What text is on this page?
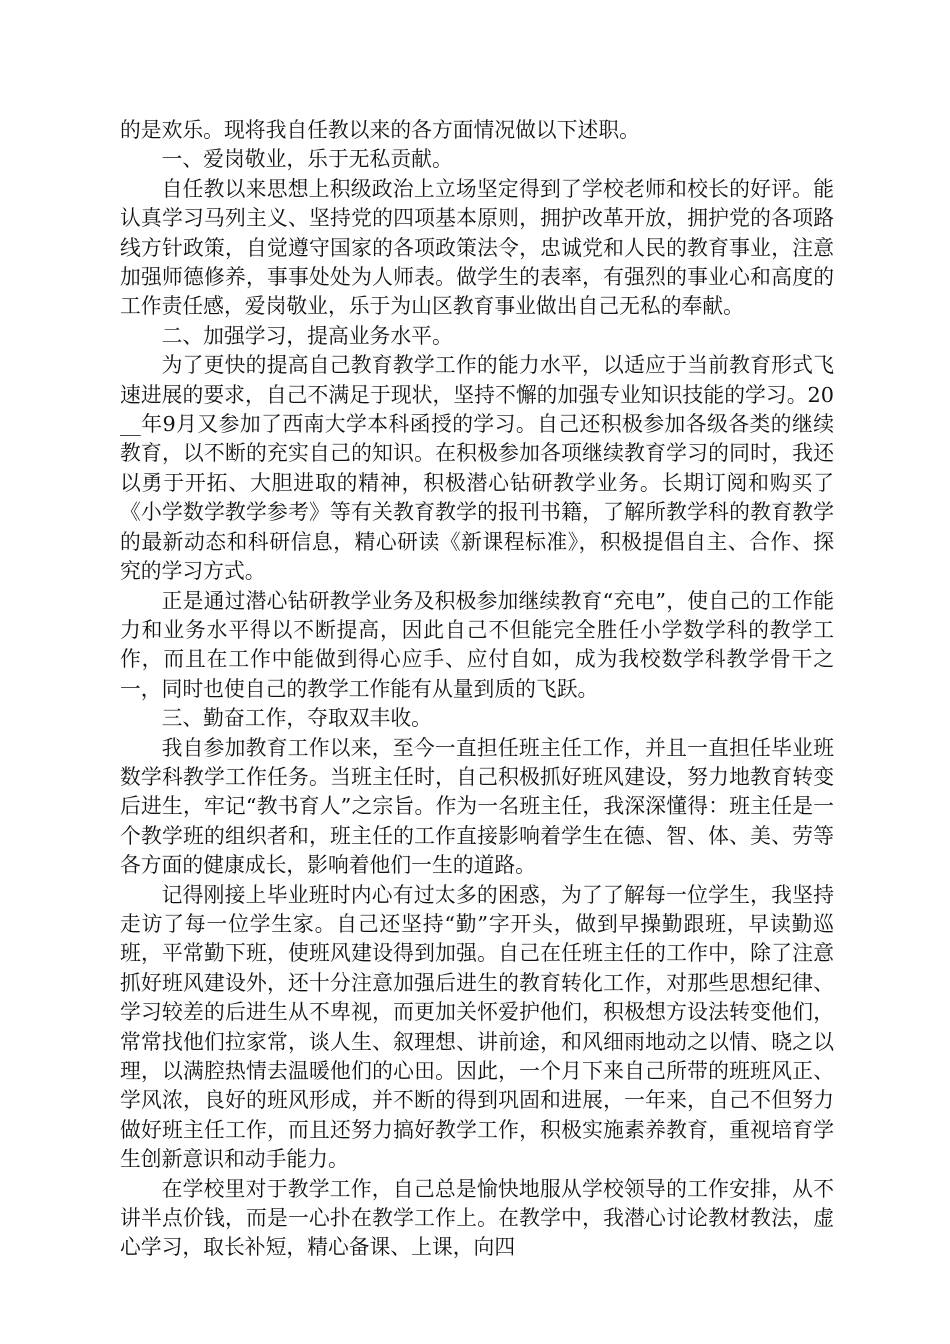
的是欢乐。现将我自任教以来的各方面情况做以下述职。

一、爱岗敬业，乐于无私贡献。

自任教以来思想上积级政治上立场坚定得到了学校老师和校长的好评。能认真学习马列主义、坚持党的四项基本原则，拥护改革开放，拥护党的各项路线方针政策，自觉遵守国家的各项政策法令，忠诚党和人民的教育事业，注意加强师德修养，事事处处为人师表。做学生的表率，有强烈的事业心和高度的工作责任感，爱岗敬业，乐于为山区教育事业做出自己无私的奉献。

二、加强学习，提高业务水平。

为了更快的提高自己教育教学工作的能力水平，以适应于当前教育形式飞速进展的要求，自己不满足于现状，坚持不懈的加强专业知识技能的学习。20__年9月又参加了西南大学本科函授的学习。自己还积极参加各级各类的继续教育，以不断的充实自己的知识。在积极参加各项继续教育学习的同时，我还以勇于开拓、大胆进取的精神，积极潜心钻研教学业务。长期订阅和购买了《小学数学教学参考》等有关教育教学的报刊书籍，了解所教学科的教育教学的最新动态和科研信息，精心研读《新课程标准》，积极提倡自主、合作、探究的学习方式。

正是通过潜心钻研教学业务及积极参加继续教育“充电”，使自己的工作能力和业务水平得以不断提高，因此自己不但能完全胜任小学数学科的教学工作，而且在工作中能做到得心应手、应付自如，成为我校数学科教学骨干之一，同时也使自己的教学工作能有从量到质的飞跃。

三、勤奋工作，夺取双丰收。

我自参加教育工作以来，至今一直担任班主任工作，并且一直担任毕业班数学科教学工作任务。当班主任时，自己积极抓好班风建设，努力地教育转变后进生，牢记“教书育人”之宗旨。作为一名班主任，我深深懂得：班主任是一个教学班的组织者和，班主任的工作直接影响着学生在德、智、体、美、劳等各方面的健康成长，影响着他们一生的道路。

记得刚接上毕业班时内心有过太多的困惑，为了了解每一位学生，我坚持走访了每一位学生家。自己还坚持“勤”字开头，做到早操勤跟班，早读勤巡班，平常勤下班，使班风建设得到加强。自己在任班主任的工作中，除了注意抓好班风建设外，还十分注意加强后进生的教育转化工作，对那些思想纪律、学习较差的后进生从不卑视，而更加关怀爱护他们，积极想方设法转变他们，常常找他们拉家常，谈人生、叙理想、讲前途，和风细雨地动之以情、晓之以理，以满腔热情去温暖他们的心田。因此，一个月下来自己所带的班班风正、学风浓，良好的班风形成，并不断的得到巩固和进展，一年来，自己不但努力做好班主任工作，而且还努力搞好教学工作，积极实施素养教育，重视培育学生创新意识和动手能力。

在学校里对于教学工作，自己总是愉快地服从学校领导的工作安排，从不讲半点价钱，而是一心扑在教学工作上。在教学中，我潜心讨论教材教法，虚心学习，取长补短，精心备课、上课，向四
